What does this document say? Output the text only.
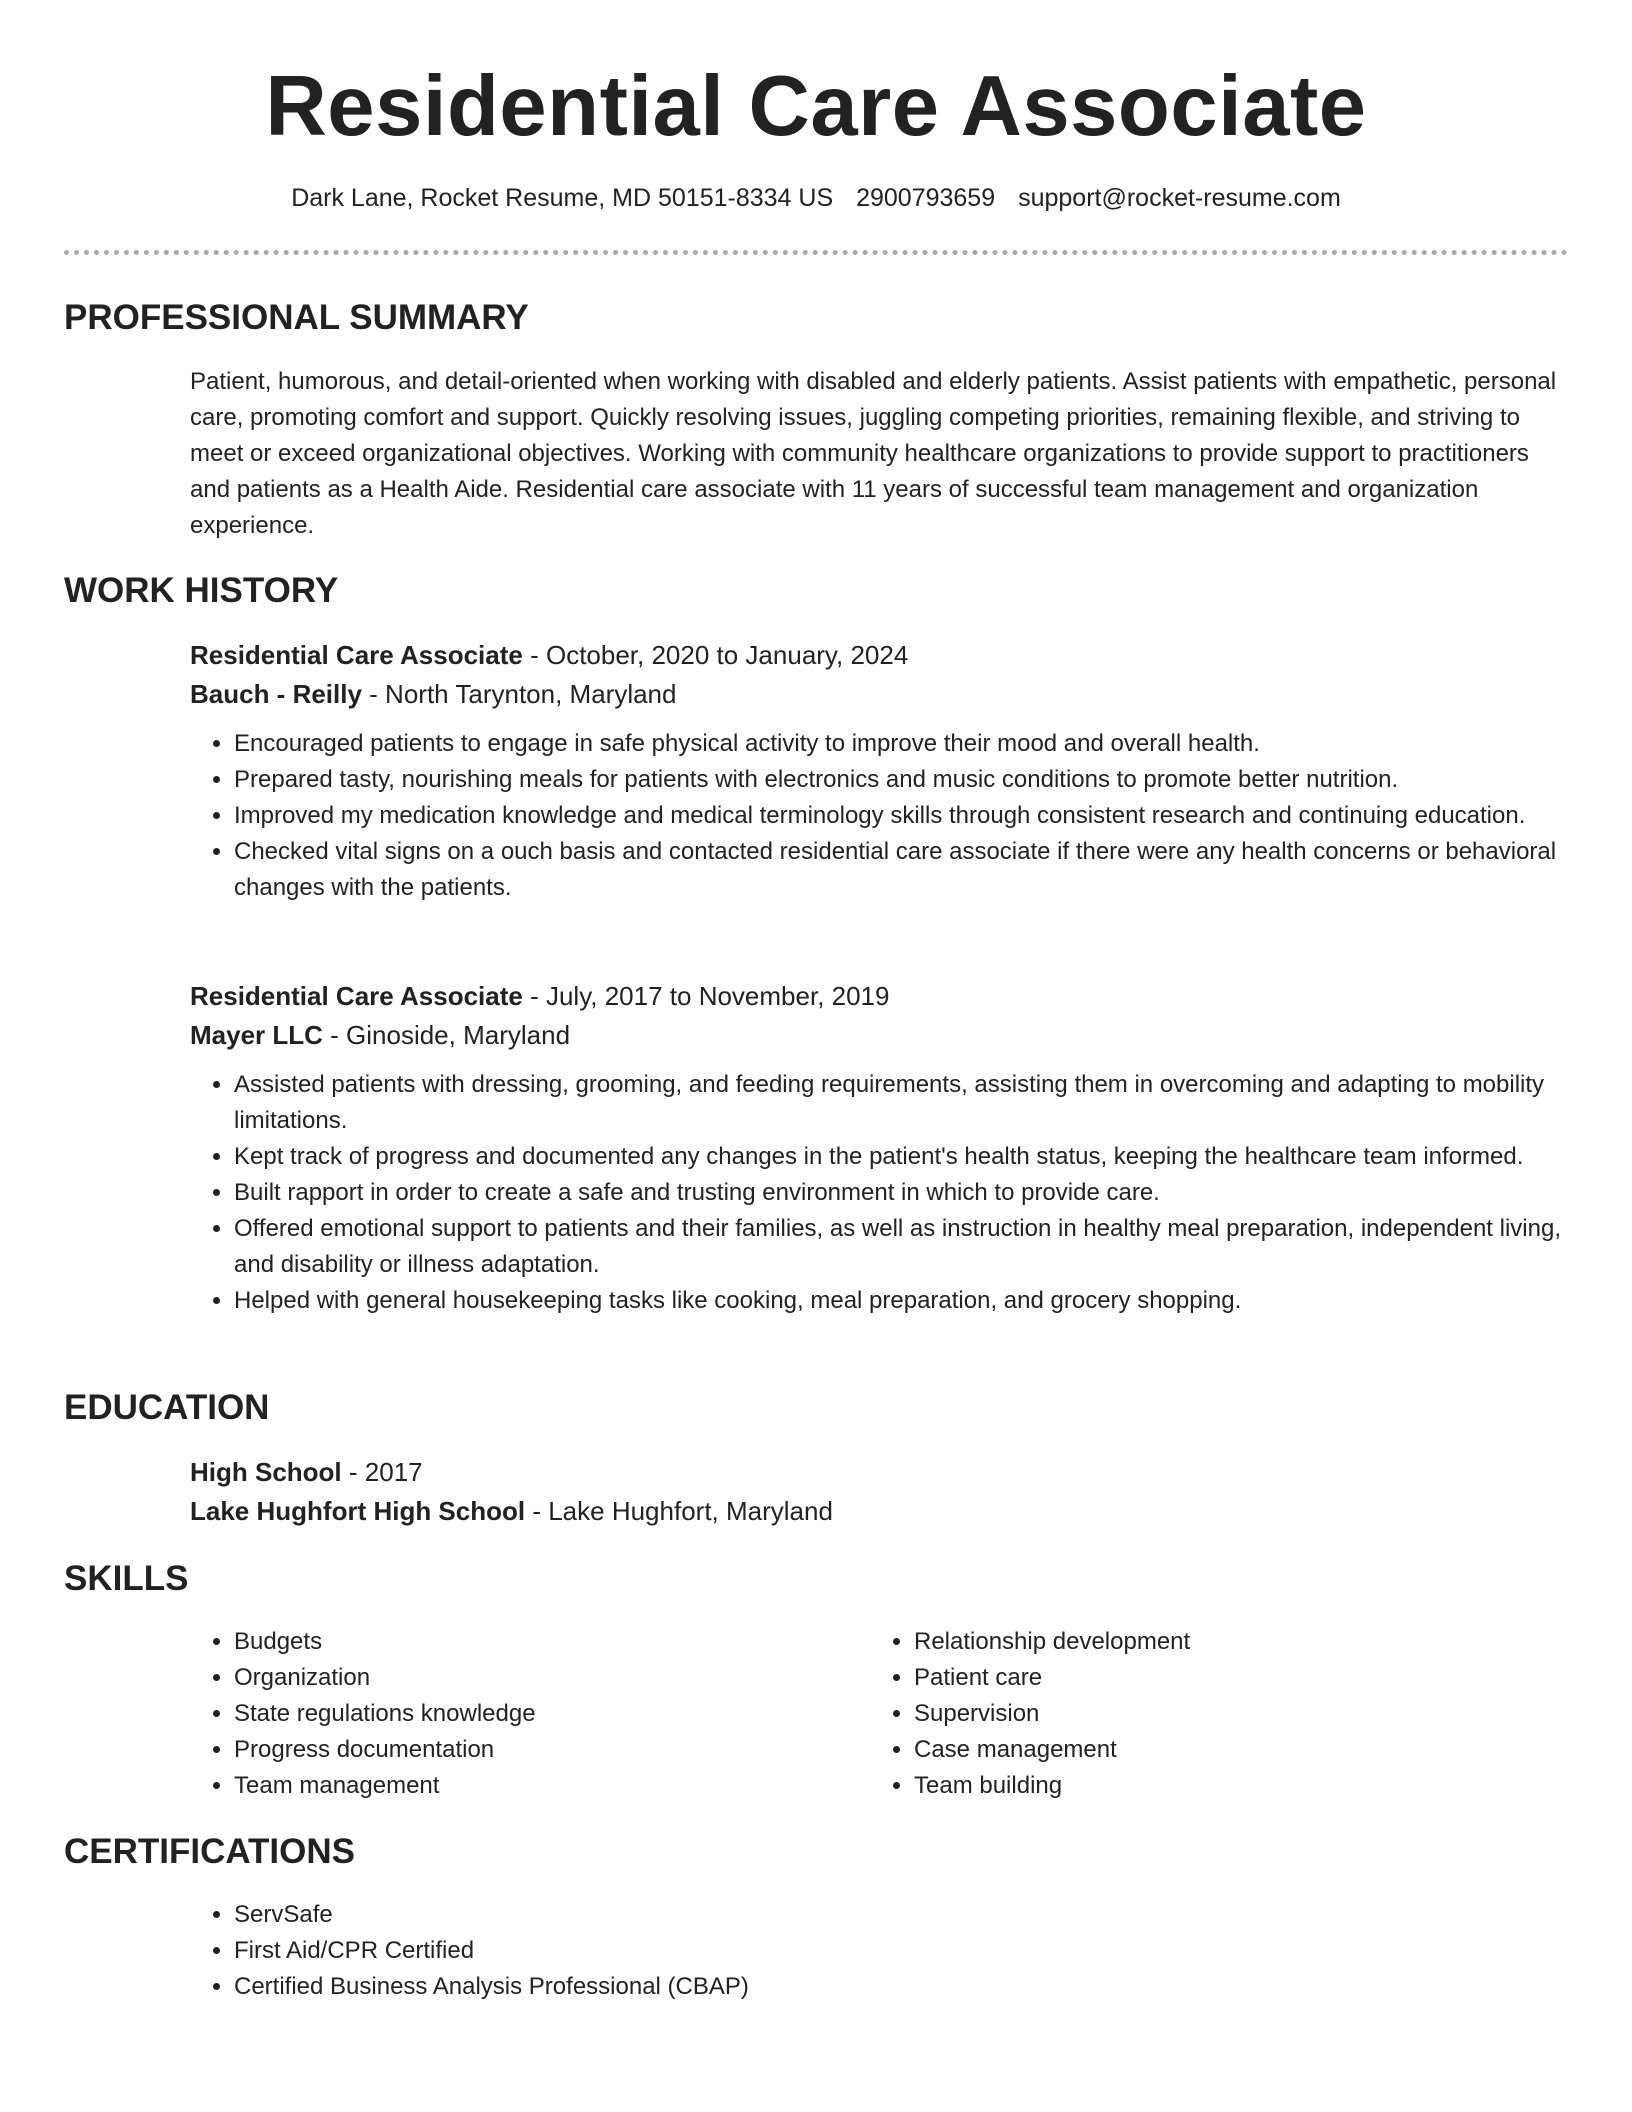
Residential Care Associate
Dark Lane, Rocket Resume, MD 50151-8334 US 2900793659 support@rocket-resume.com
PROFESSIONAL SUMMARY

Patient, humorous, and detail-oriented when working with disabled and elderly patients. Assist patients with empathetic, personal care, promoting comfort and support. Quickly resolving issues, juggling competing priorities, remaining flexible, and striving to meet or exceed organizational objectives. Working with community healthcare organizations to provide support to practitioners and patients as a Health Aide. Residential care associate with 11 years of successful team management and organization experience.

WORK HISTORY

Residential Care Associate - October, 2020 to January, 2024

Bauch - Reilly - North Tarynton, Maryland

• Encouraged patients to engage in safe physical activity to improve their mood and overall health.
• Prepared tasty, nourishing meals for patients with electronics and music conditions to promote better nutrition.
• Improved my medication knowledge and medical terminology skills through consistent research and continuing education.
• Checked vital signs on a ouch basis and contacted residential care associate if there were any health concerns or behavioral changes with the patients.

Residential Care Associate - July, 2017 to November, 2019

Mayer LLC - Ginoside, Maryland

• Assisted patients with dressing, grooming, and feeding requirements, assisting them in overcoming and adapting to mobility limitations.
• Kept track of progress and documented any changes in the patient's health status, keeping the healthcare team informed.
• Built rapport in order to create a safe and trusting environment in which to provide care.
• Offered emotional support to patients and their families, as well as instruction in healthy meal preparation, independent living, and disability or illness adaptation.
• Helped with general housekeeping tasks like cooking, meal preparation, and grocery shopping.
EDUCATION

High School - 2017

Lake Hughfort High School - Lake Hughfort, Maryland

SKILLS
• Budgets
• Organization
• State regulations knowledge
• Progress documentation
• Team management
• Relationship development
• Patient care
• Supervision
• Case management
• Team building
CERTIFICATIONS
• ServSafe
• First Aid/CPR Certified
• Certified Business Analysis Professional (CBAP)
